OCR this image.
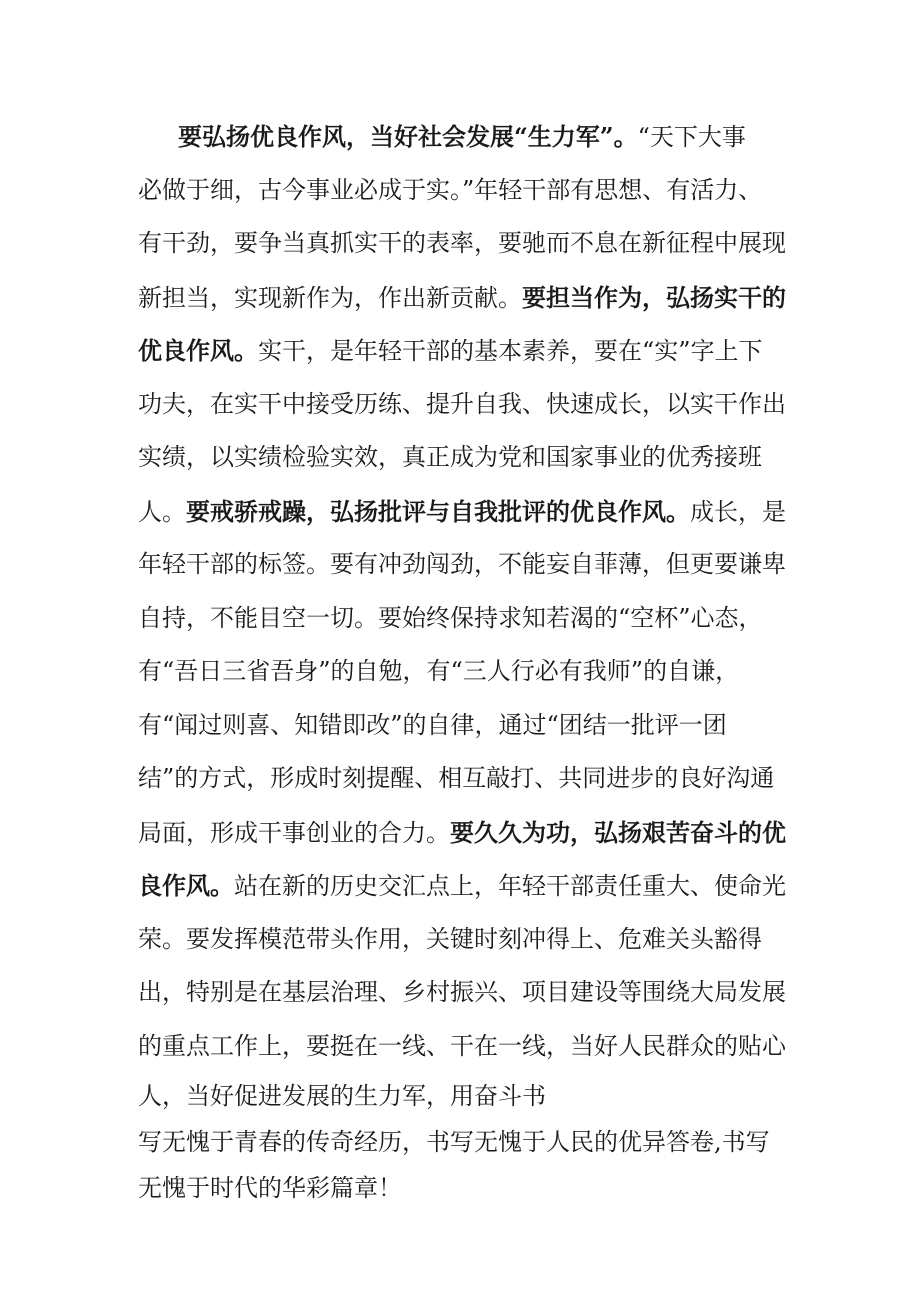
要弘扬优良作风，当好社会发展“生力军”。“天下大事
必做于细，古今事业必成于实。”年轻干部有思想、有活力、
有干劲，要争当真抓实干的表率，要驰而不息在新征程中展现
新担当，实现新作为，作出新贡献。要担当作为，弘扬实干的
优良作风。实干，是年轻干部的基本素养，要在“实”字上下
功夫，在实干中接受历练、提升自我、快速成长，以实干作出
实绩，以实绩检验实效，真正成为党和国家事业的优秀接班
人。要戒骄戒躁，弘扬批评与自我批评的优良作风。成长，是
年轻干部的标签。要有冲劲闯劲，不能妄自菲薄，但更要谦卑
自持，不能目空一切。要始终保持求知若渴的“空杯”心态，
有“吾日三省吾身”的自勉，有“三人行必有我师”的自谦，
有“闻过则喜、知错即改”的自律，通过“团结一批评一团
结”的方式，形成时刻提醒、相互敲打、共同进步的良好沟通
局面，形成干事创业的合力。要久久为功，弘扬艰苦奋斗的优
良作风。站在新的历史交汇点上，年轻干部责任重大、使命光
荣。要发挥模范带头作用，关键时刻冲得上、危难关头豁得
出，特别是在基层治理、乡村振兴、项目建设等围绕大局发展
的重点工作上，要挺在一线、干在一线，当好人民群众的贴心
人，当好促进发展的生力军，用奋斗书
写无愧于青春的传奇经历，书写无愧于人民的优异答卷,书写
无愧于时代的华彩篇章！
